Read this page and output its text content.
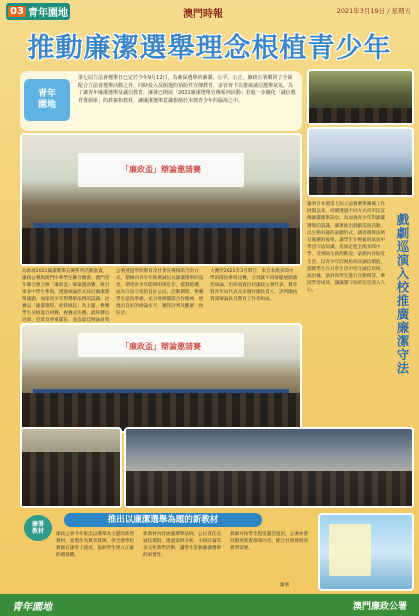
03 青年園地	澳門時報	2021年3月19日 / 星期五
推動廉潔選舉理念根植青少年
青年
園地
第七屆立法會選舉日已定於今年9月12日，為確保選舉的廉潔、公平、公正，廉政公署聯同了全面配合立法會選舉活動之外，同時投入反賄選的預防性宣傳教育，多管齊下以推廣誠信選舉氣氛。為了讓青年廉潔選舉及誠信教育，廉署已開展「2021廉潔選舉宣傳系列活動」若進一步擴化「誠信教育資源庫」的教案和教材，讓廉潔選舉意識根植於本澳青少年的腦海之中。
「廉政盃」辯論邀請賽
為推廣2021廉潔選舉宣傳系列活動嘉賓，廉政公署與澳門中華學生聯合總會、澳門青年聯合會合辦「廉政盃」辯論邀請賽，吸引眾多中學生參與，透過辯論形式探討廉潔選舉議題，加深青少年對選舉法例的認識。比賽以「廉潔選舉，從我做起」為主題，參賽學生分組進行初賽、複賽及決賽，最終選出冠軍、亞軍及季軍隊伍，並設最佳辯論員獎
公署透過學校教育及社會宣傳相結合的方式，積極向青少年推廣誠信及廉潔選舉的訊息，期望青少年能夠明辨是非、抵制賄選，成為守法守規的良好公民。活動期間，參賽學生認真準備，充分發揮團隊合作精神，展現出良好的辯論水平，獲得評判及觀眾一致好評。
大賽於2021年3月舉行，來自本澳多間中學的隊伍參與比賽，分別就不同辯題展開激烈辯論。出席嘉賓包括廉政公署代表、教育暨青年局代表及多個社團負責人，評判團由資深辯論員及教育工作者組成。
廉署自本澳第七屆立法會選舉籌備工作展開以來，持續透過不同方式向市民宣傳廉潔選舉訊息。為加強青少年對廉潔選舉的認識，廉署推出戲劇巡演活動，以生動有趣的話劇形式，講述選舉法例及賄選的後果，讓學生在輕鬆的氣氛中學習守法知識。巡演走進全澳多間中學，受到師生熱烈歡迎。話劇內容貼近生活，以青少年的視角探討誠信價值，提醒學生在日常生活中堅守誠信原則。演出後，演員與學生進行互動問答，鞏固學習成效，讓廉潔守法的信息深入人心。	戲劇巡演入校推廣廉潔守法
「廉政盃」辯論邀請賽
廉署
教材
推出以廉潔選舉為題的新教材
廉政公署今年推出以選舉為主題的新增教材，並製作為教育資源，供全澳學校教師在課堂上使用，協助學生建立正確的價值觀。
新教材內容涵蓋選舉法例、公民責任及誠信價值，透過案例分析、小組討論等多元化教學活動，讓學生掌握廉潔選舉的重要性。
教師可按學生程度靈活運用，公署亦會持續更新資源庫內容，配合社會發展及教學需要。
廉署
青年園地	澳門廉政公署
